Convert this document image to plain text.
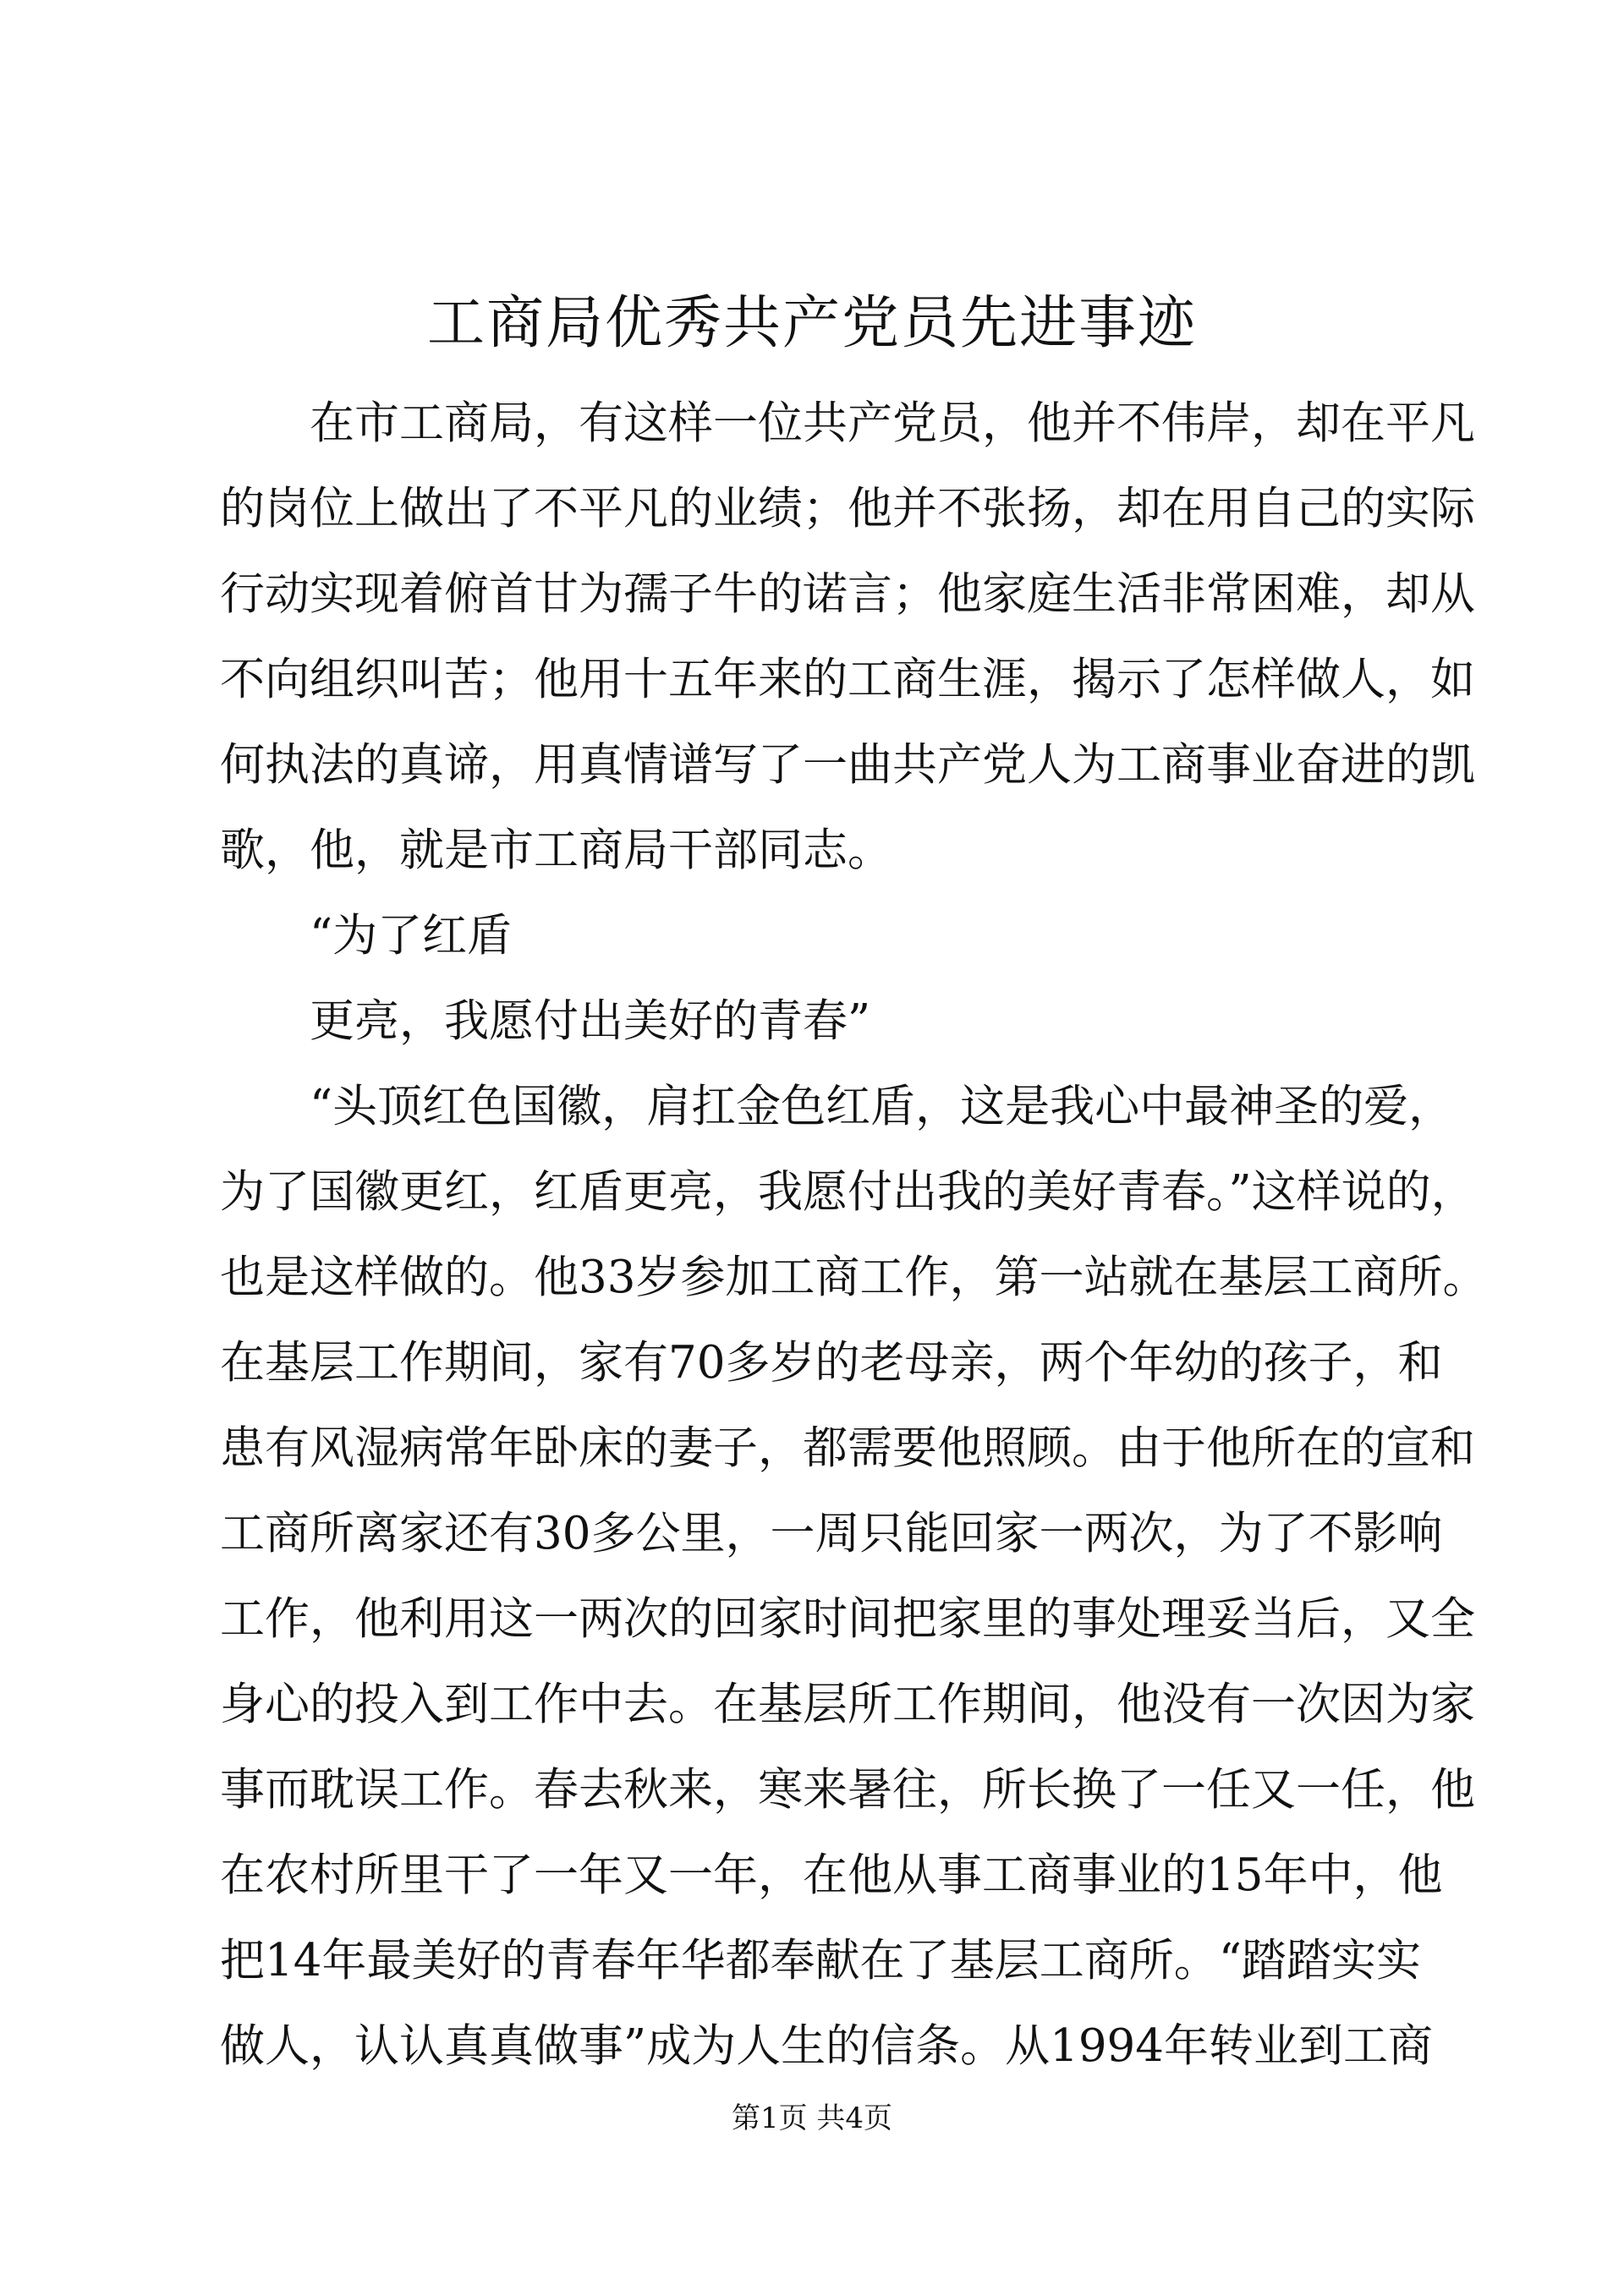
工商局优秀共产党员先进事迹

在市工商局，有这样一位共产党员，他并不伟岸，却在平凡

的岗位上做出了不平凡的业绩；他并不张扬，却在用自己的实际

行动实现着俯首甘为孺子牛的诺言；他家庭生活非常困难，却从

不向组织叫苦；他用十五年来的工商生涯，揭示了怎样做人，如

何执法的真谛，用真情谱写了一曲共产党人为工商事业奋进的凯

歌，他，就是市工商局干部同志。

“为了红盾

更亮，我愿付出美好的青春”

“头顶红色国徽，肩扛金色红盾，这是我心中最神圣的爱，

为了国徽更红，红盾更亮，我愿付出我的美好青春。”这样说的，

也是这样做的。他33岁参加工商工作，第一站就在基层工商所。

在基层工作期间，家有70多岁的老母亲，两个年幼的孩子，和

患有风湿病常年卧床的妻子，都需要他照顾。由于他所在的宣和

工商所离家还有30多公里，一周只能回家一两次，为了不影响

工作，他利用这一两次的回家时间把家里的事处理妥当后，又全

身心的投入到工作中去。在基层所工作期间，他没有一次因为家

事而耽误工作。春去秋来，寒来暑往，所长换了一任又一任，他

在农村所里干了一年又一年，在他从事工商事业的15年中，他

把14年最美好的青春年华都奉献在了基层工商所。“踏踏实实

做人，认认真真做事”成为人生的信条。从1994年转业到工商

第1页 共4页
